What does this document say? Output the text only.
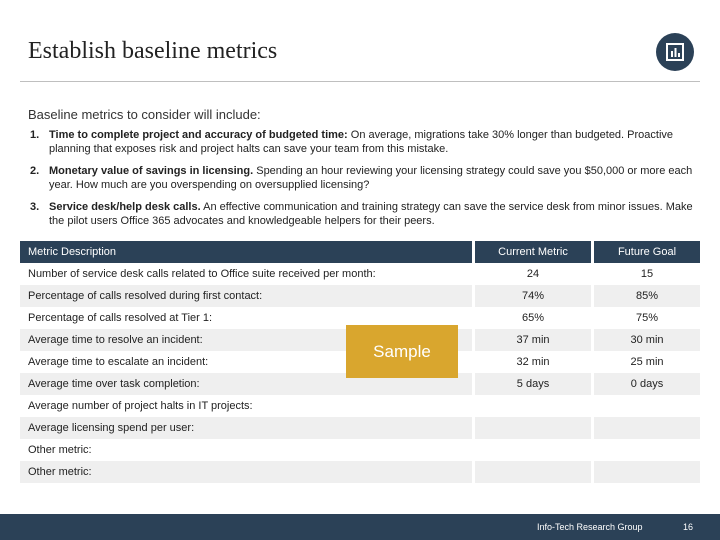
Establish baseline metrics
Baseline metrics to consider will include:
1. Time to complete project and accuracy of budgeted time: On average, migrations take 30% longer than budgeted. Proactive planning that exposes risk and project halts can save your team from this mistake.
2. Monetary value of savings in licensing. Spending an hour reviewing your licensing strategy could save you $50,000 or more each year. How much are you overspending on oversupplied licensing?
3. Service desk/help desk calls. An effective communication and training strategy can save the service desk from minor issues. Make the pilot users Office 365 advocates and knowledgeable helpers for their peers.
Metric Description	Current Metric	Future Goal
Number of service desk calls related to Office suite received per month:	24	15
Percentage of calls resolved during first contact:	74%	85%
Percentage of calls resolved at Tier 1:	65%	75%
Average time to resolve an incident:	37 min	30 min
Average time to escalate an incident:	32 min	25 min
Average time over task completion:	5 days	0 days
Average number of project halts in IT projects:
Average licensing spend per user:
Other metric:
Other metric:
Sample
Info-Tech Research Group	16
